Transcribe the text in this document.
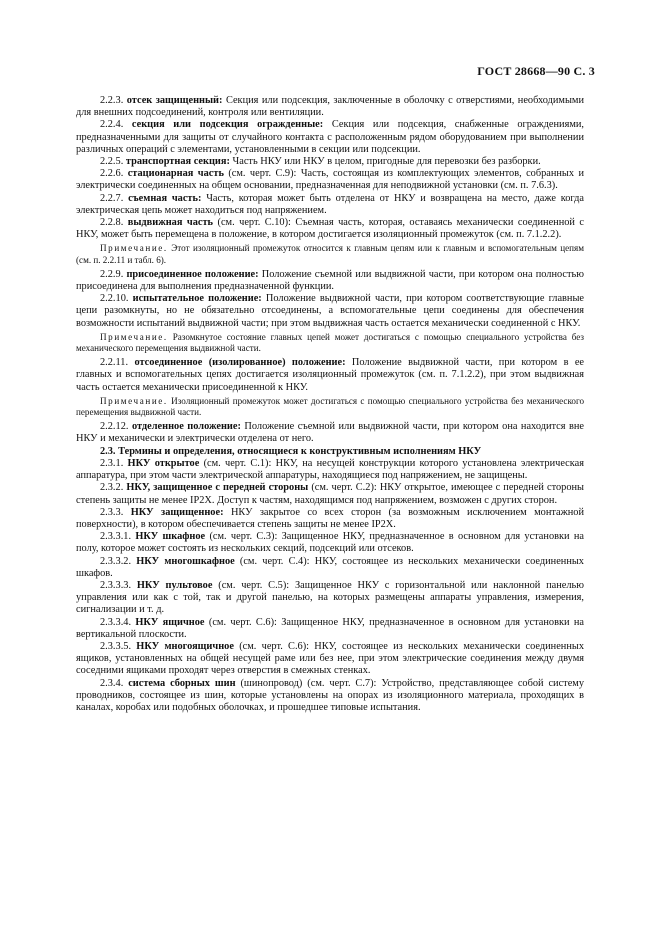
ГОСТ 28668—90 С. 3

2.2.3. отсек защищенный: Секция или подсекция, заключенные в оболочку с отверстиями, необходимыми для внешних подсоединений, контроля или вентиляции.

2.2.4. секция или подсекция огражденные: Секция или подсекция, снабженные ограждениями, предназначенными для защиты от случайного контакта с расположенным рядом оборудованием при выполнении различных операций с элементами, установленными в секции или подсекции.

2.2.5. транспортная секция: Часть НКУ или НКУ в целом, пригодные для перевозки без разборки.

2.2.6. стационарная часть (см. черт. С.9): Часть, состоящая из комплектующих элементов, собранных и электрически соединенных на общем основании, предназначенная для неподвижной установки (см. п. 7.6.3).

2.2.7. съемная часть: Часть, которая может быть отделена от НКУ и возвращена на место, даже когда электрическая цепь может находиться под напряжением.

2.2.8. выдвижная часть (см. черт. С.10): Съемная часть, которая, оставаясь механически соединенной с НКУ, может быть перемещена в положение, в котором достигается изоляционный промежуток (см. п. 7.1.2.2).

Примечание. Этот изоляционный промежуток относится к главным цепям или к главным и вспомогательным цепям (см. п. 2.2.11 и табл. 6).

2.2.9. присоединенное положение: Положение съемной или выдвижной части, при котором она полностью присоединена для выполнения предназначенной функции.

2.2.10. испытательное положение: Положение выдвижной части, при котором соответствующие главные цепи разомкнуты, но не обязательно отсоединены, а вспомогательные цепи соединены для обеспечения возможности испытаний выдвижной части; при этом выдвижная часть остается механически соединенной с НКУ.

Примечание. Разомкнутое состояние главных цепей может достигаться с помощью специального устройства без механического перемещения выдвижной части.

2.2.11. отсоединенное (изолированное) положение: Положение выдвижной части, при котором в ее главных и вспомогательных цепях достигается изоляционный промежуток (см. п. 7.1.2.2), при этом выдвижная часть остается механически присоединенной к НКУ.

Примечание. Изоляционный промежуток может достигаться с помощью специального устройства без механического перемещения выдвижной части.

2.2.12. отделенное положение: Положение съемной или выдвижной части, при котором она находится вне НКУ и механически и электрически отделена от него.

2.3. Термины и определения, относящиеся к конструктивным исполнениям НКУ

2.3.1. НКУ открытое (см. черт. С.1): НКУ, на несущей конструкции которого установлена электрическая аппаратура, при этом части электрической аппаратуры, находящиеся под напряжением, не защищены.

2.3.2. НКУ, защищенное с передней стороны (см. черт. С.2): НКУ открытое, имеющее с передней стороны степень защиты не менее IP2X. Доступ к частям, находящимся под напряжением, возможен с других сторон.

2.3.3. НКУ защищенное: НКУ закрытое со всех сторон (за возможным исключением монтажной поверхности), в котором обеспечивается степень защиты не менее IP2X.

2.3.3.1. НКУ шкафное (см. черт. С.3): Защищенное НКУ, предназначенное в основном для установки на полу, которое может состоять из нескольких секций, подсекций или отсеков.

2.3.3.2. НКУ многошкафное (см. черт. С.4): НКУ, состоящее из нескольких механически соединенных шкафов.

2.3.3.3. НКУ пультовое (см. черт. С.5): Защищенное НКУ с горизонтальной или наклонной панелью управления или как с той, так и другой панелью, на которых размещены аппараты управления, измерения, сигнализации и т. д.

2.3.3.4. НКУ ящичное (см. черт. С.6): Защищенное НКУ, предназначенное в основном для установки на вертикальной плоскости.

2.3.3.5. НКУ многоящичное (см. черт. С.6): НКУ, состоящее из нескольких механически соединенных ящиков, установленных на общей несущей раме или без нее, при этом электрические соединения между двумя соседними ящиками проходят через отверстия в смежных стенках.

2.3.4. система сборных шин (шинопровод) (см. черт. С.7): Устройство, представляющее собой систему проводников, состоящее из шин, которые установлены на опорах из изоляционного материала, проходящих в каналах, коробах или подобных оболочках, и прошедшее типовые испытания.
